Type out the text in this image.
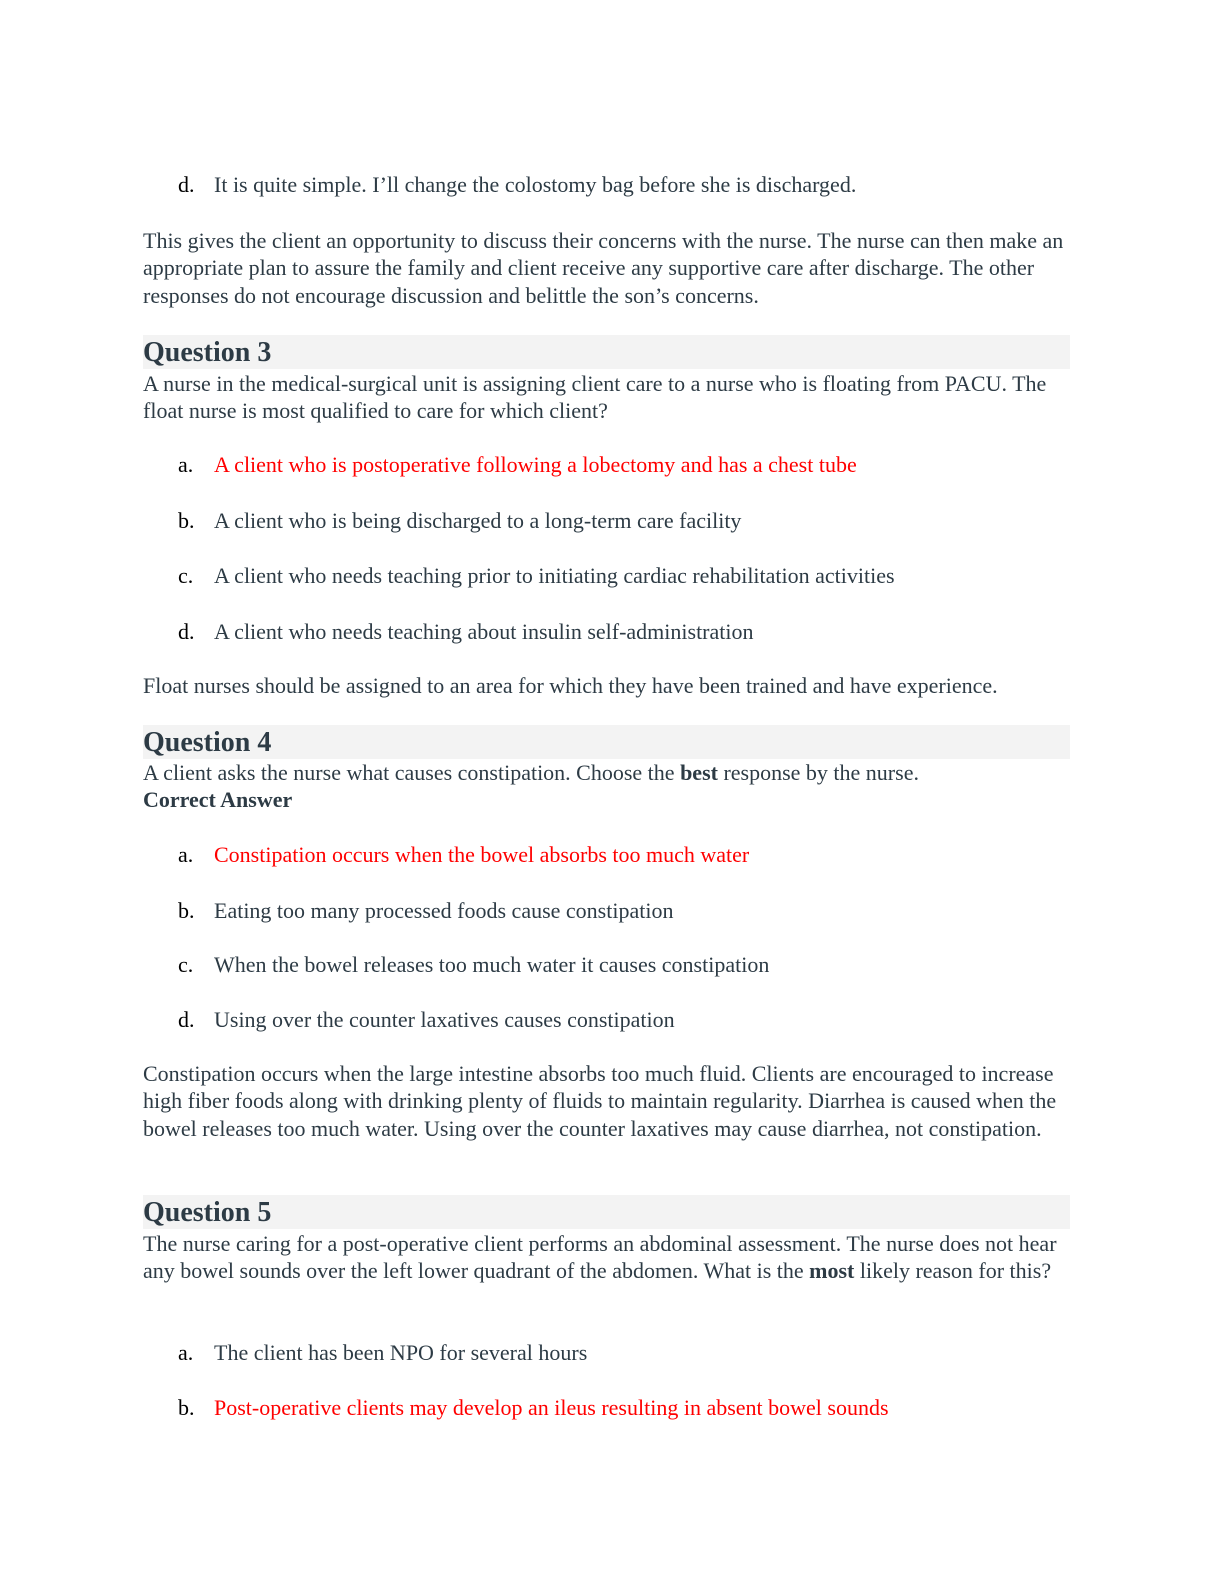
d. It is quite simple. I’ll change the colostomy bag before she is discharged.
This gives the client an opportunity to discuss their concerns with the nurse. The nurse can then make an appropriate plan to assure the family and client receive any supportive care after discharge. The other responses do not encourage discussion and belittle the son’s concerns.
Question 3
A nurse in the medical-surgical unit is assigning client care to a nurse who is floating from PACU. The float nurse is most qualified to care for which client?
a. A client who is postoperative following a lobectomy and has a chest tube
b. A client who is being discharged to a long-term care facility
c. A client who needs teaching prior to initiating cardiac rehabilitation activities
d. A client who needs teaching about insulin self-administration
Float nurses should be assigned to an area for which they have been trained and have experience.
Question 4
A client asks the nurse what causes constipation. Choose the best response by the nurse.
Correct Answer
a. Constipation occurs when the bowel absorbs too much water
b. Eating too many processed foods cause constipation
c. When the bowel releases too much water it causes constipation
d. Using over the counter laxatives causes constipation
Constipation occurs when the large intestine absorbs too much fluid. Clients are encouraged to increase high fiber foods along with drinking plenty of fluids to maintain regularity. Diarrhea is caused when the bowel releases too much water. Using over the counter laxatives may cause diarrhea, not constipation.
Question 5
The nurse caring for a post-operative client performs an abdominal assessment. The nurse does not hear any bowel sounds over the left lower quadrant of the abdomen. What is the most likely reason for this?
a. The client has been NPO for several hours
b. Post-operative clients may develop an ileus resulting in absent bowel sounds
